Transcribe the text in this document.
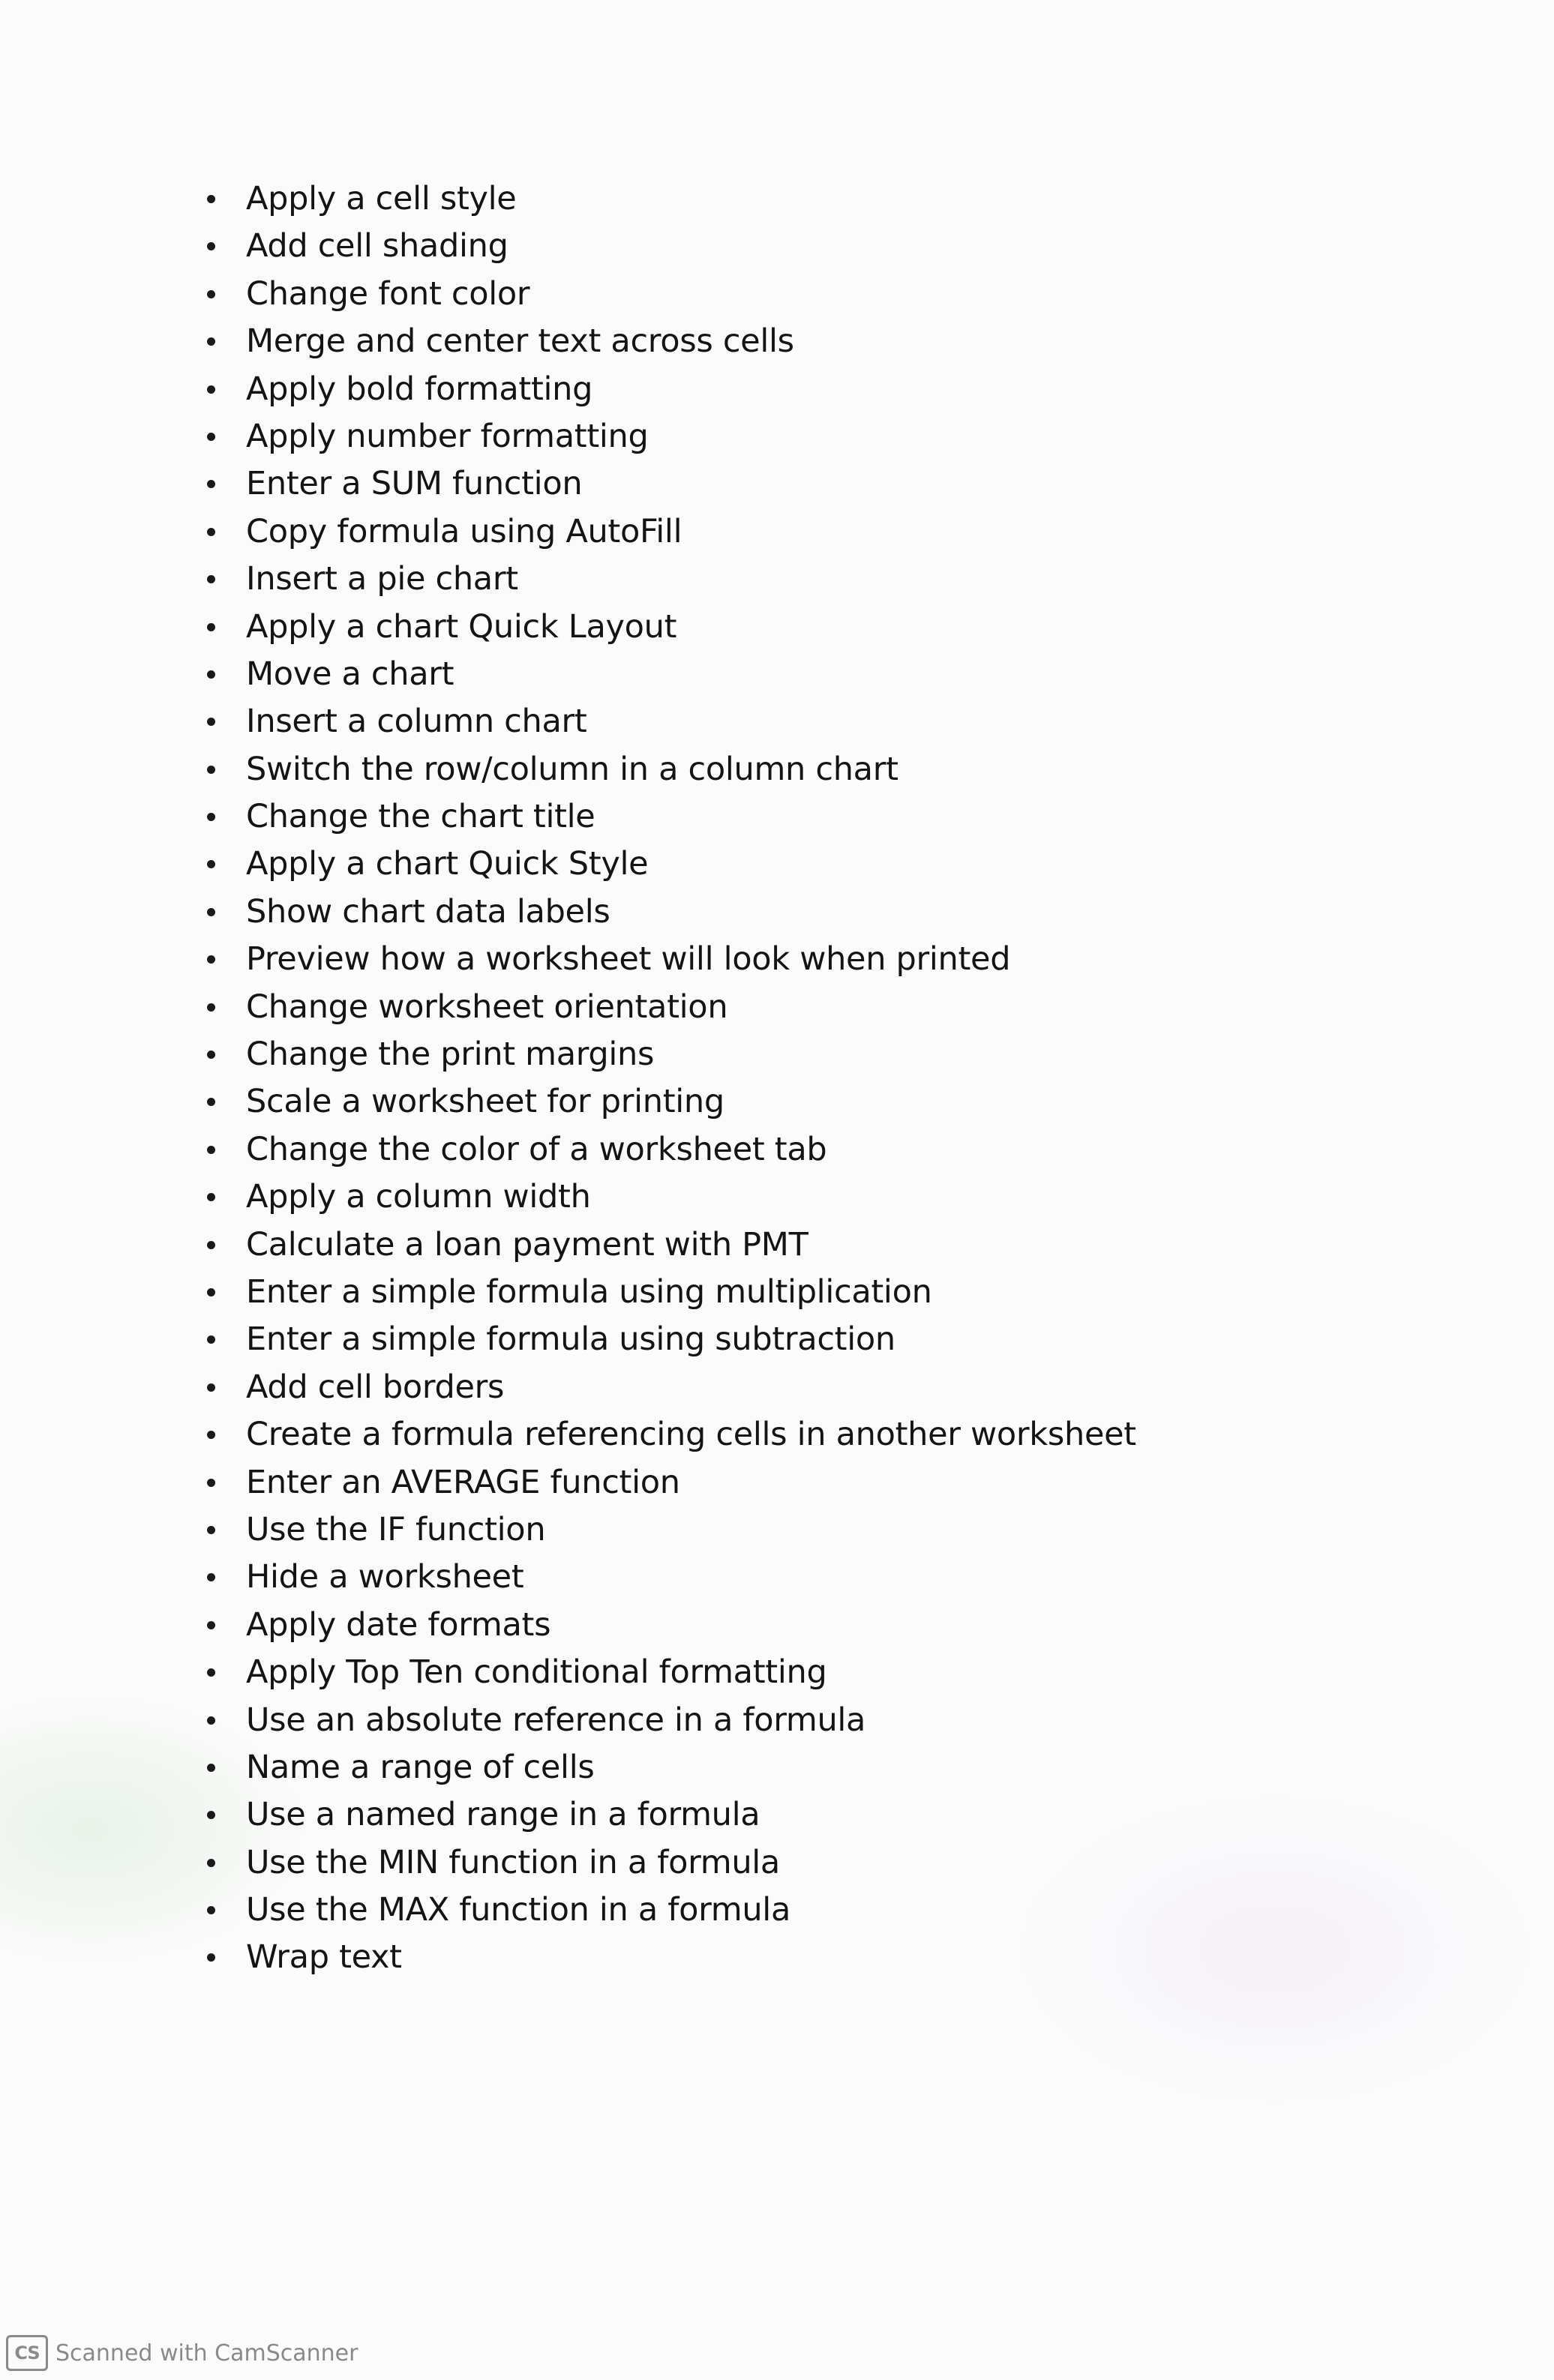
Apply a cell style
Add cell shading
Change font color
Merge and center text across cells
Apply bold formatting
Apply number formatting
Enter a SUM function
Copy formula using AutoFill
Insert a pie chart
Apply a chart Quick Layout
Move a chart
Insert a column chart
Switch the row/column in a column chart
Change the chart title
Apply a chart Quick Style
Show chart data labels
Preview how a worksheet will look when printed
Change worksheet orientation
Change the print margins
Scale a worksheet for printing
Change the color of a worksheet tab
Apply a column width
Calculate a loan payment with PMT
Enter a simple formula using multiplication
Enter a simple formula using subtraction
Add cell borders
Create a formula referencing cells in another worksheet
Enter an AVERAGE function
Use the IF function
Hide a worksheet
Apply date formats
Apply Top Ten conditional formatting
Use an absolute reference in a formula
Name a range of cells
Use a named range in a formula
Use the MIN function in a formula
Use the MAX function in a formula
Wrap text
CS Scanned with CamScanner
